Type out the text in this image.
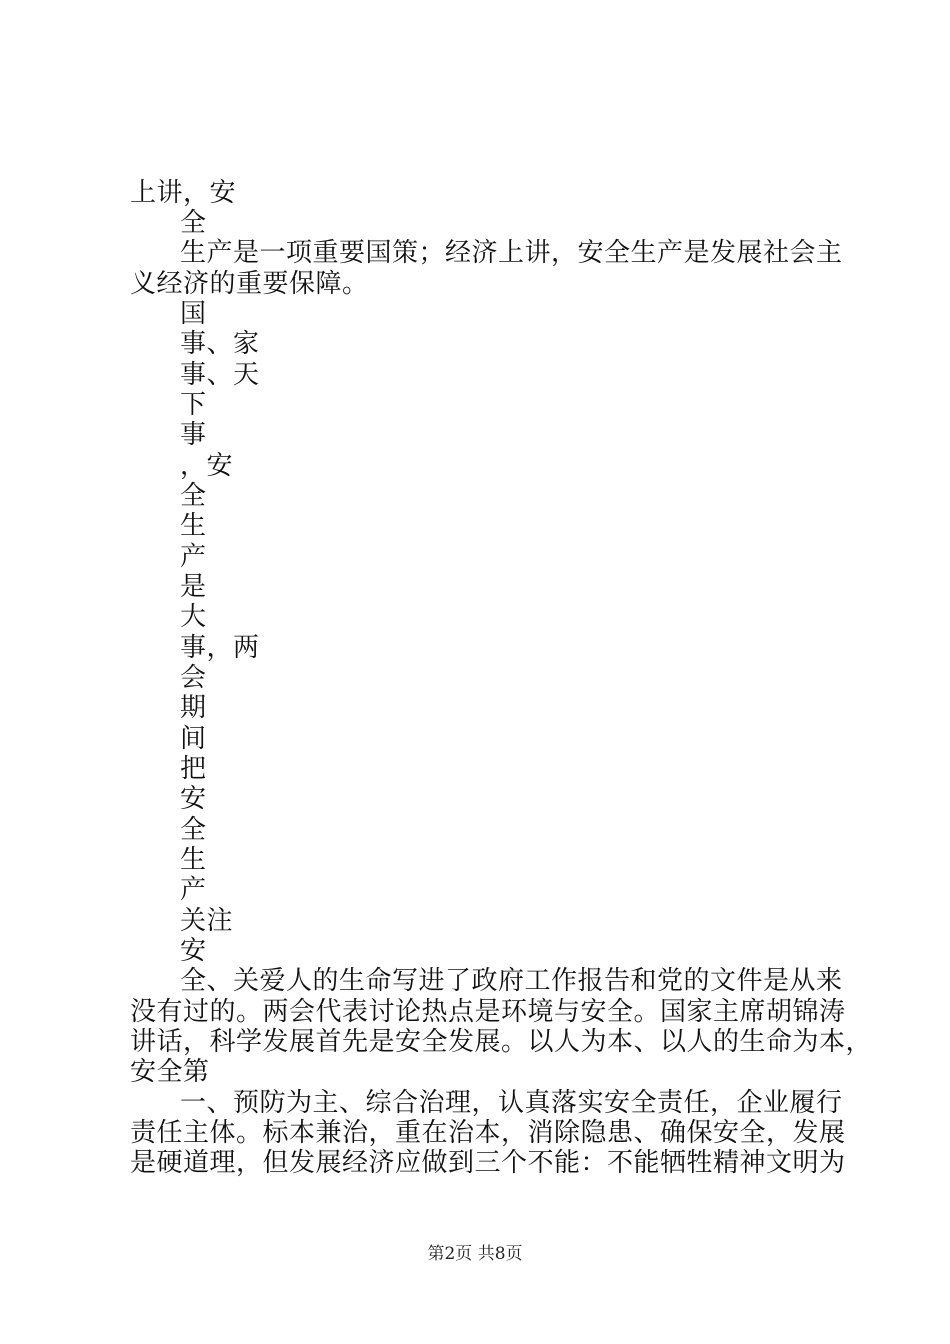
上讲，安
全
生产是一项重要国策；经济上讲，安全生产是发展社会主
义经济的重要保障。
国
事、家
事、天
下
事
，安
全
生
产
是
大
事，两
会
期
间
把
安
全
生
产
关注
安
全、关爱人的生命写进了政府工作报告和党的文件是从来
没有过的。两会代表讨论热点是环境与安全。国家主席胡锦涛
讲话，科学发展首先是安全发展。以人为本、以人的生命为本，
安全第
一、预防为主、综合治理，认真落实安全责任，企业履行
责任主体。标本兼治，重在治本，消除隐患、确保安全，发展
是硬道理，但发展经济应做到三个不能：不能牺牲精神文明为
第2页 共8页
